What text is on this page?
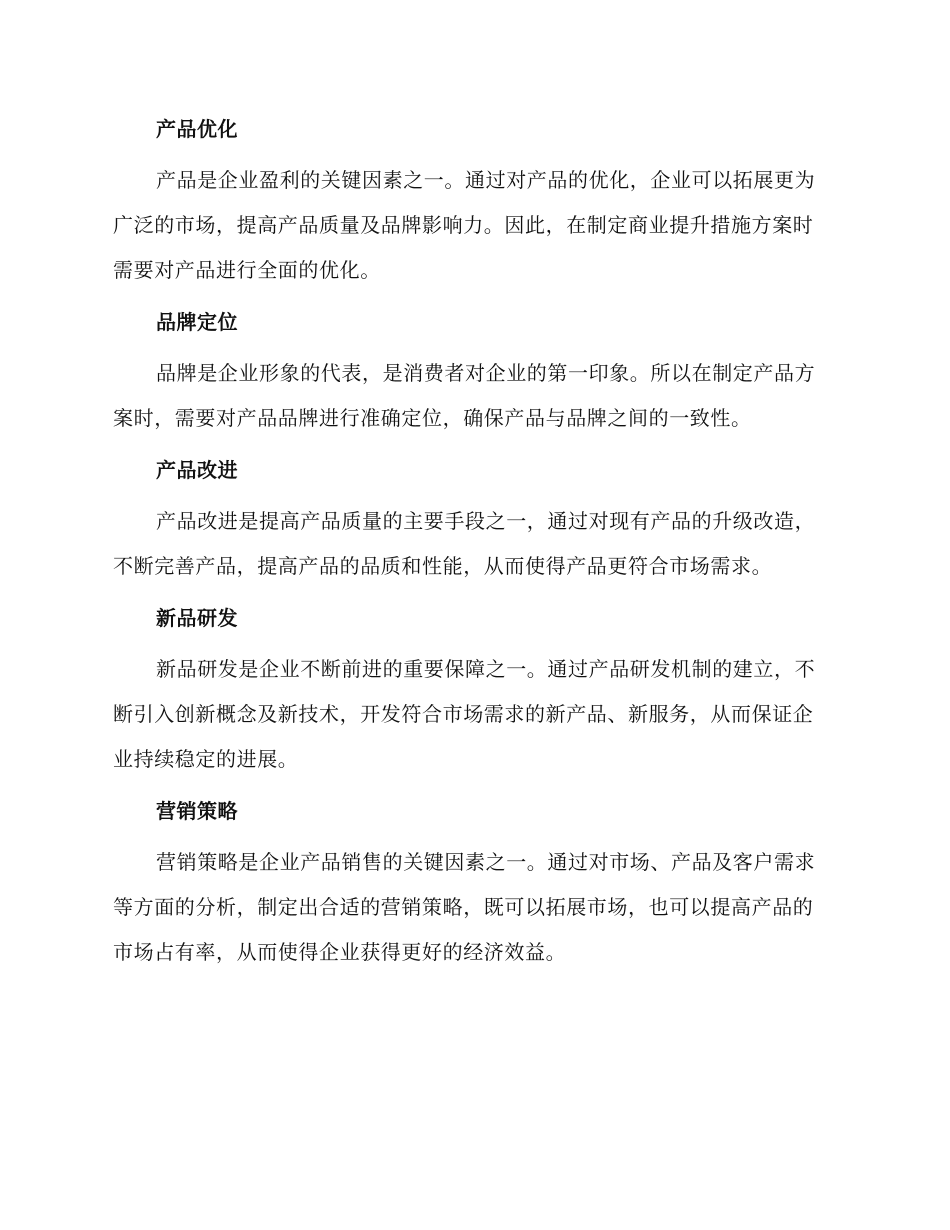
产品优化

产品是企业盈利的关键因素之一。通过对产品的优化，企业可以拓展更为广泛的市场，提高产品质量及品牌影响力。因此，在制定商业提升措施方案时需要对产品进行全面的优化。

品牌定位

品牌是企业形象的代表，是消费者对企业的第一印象。所以在制定产品方案时，需要对产品品牌进行准确定位，确保产品与品牌之间的一致性。

产品改进

产品改进是提高产品质量的主要手段之一，通过对现有产品的升级改造，不断完善产品，提高产品的品质和性能，从而使得产品更符合市场需求。

新品研发

新品研发是企业不断前进的重要保障之一。通过产品研发机制的建立，不断引入创新概念及新技术，开发符合市场需求的新产品、新服务，从而保证企业持续稳定的进展。

营销策略

营销策略是企业产品销售的关键因素之一。通过对市场、产品及客户需求等方面的分析，制定出合适的营销策略，既可以拓展市场，也可以提高产品的市场占有率，从而使得企业获得更好的经济效益。
